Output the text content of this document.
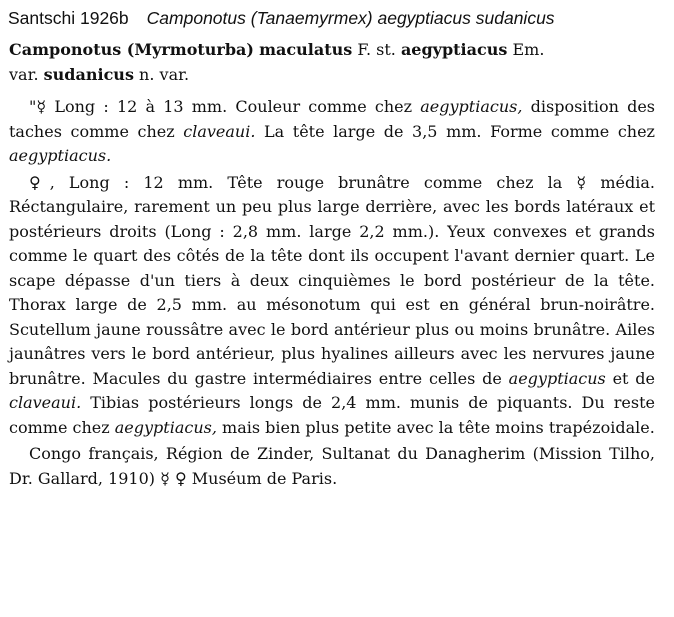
Santschi 1926b Camponotus (Tanaemyrmex) aegyptiacus sudanicus

Camponotus (Myrmoturba) maculatus F. st. aegyptiacus Em.
var. sudanicus n. var.

"☿ Long : 12 à 13 mm. Couleur comme chez aegyptiacus, disposition des taches comme chez claveaui. La tête large de 3,5 mm. Forme comme chez aegyptiacus.

♀, Long : 12 mm. Tête rouge brunâtre comme chez la ☿ média. Réctangulaire, rarement un peu plus large derrière, avec les bords latéraux et postérieurs droits (Long : 2,8 mm. large 2,2 mm.). Yeux convexes et grands comme le quart des côtés de la tête dont ils occupent l'avant dernier quart. Le scape dépasse d'un tiers à deux cinquièmes le bord postérieur de la tête. Thorax large de 2,5 mm. au mésonotum qui est en général brun-noirâtre. Scutellum jaune roussâtre avec le bord antérieur plus ou moins brunâtre. Ailes jaunâtres vers le bord antérieur, plus hyalines ailleurs avec les nervures jaune brunâtre. Macules du gastre intermédiaires entre celles de aegyptiacus et de claveaui. Tibias postérieurs longs de 2,4 mm. munis de piquants. Du reste comme chez aegyptiacus, mais bien plus petite avec la tête moins trapézoidale.

Congo français, Région de Zinder, Sultanat du Danagherim (Mission Tilho, Dr. Gallard, 1910) ☿ ♀ Muséum de Paris.
